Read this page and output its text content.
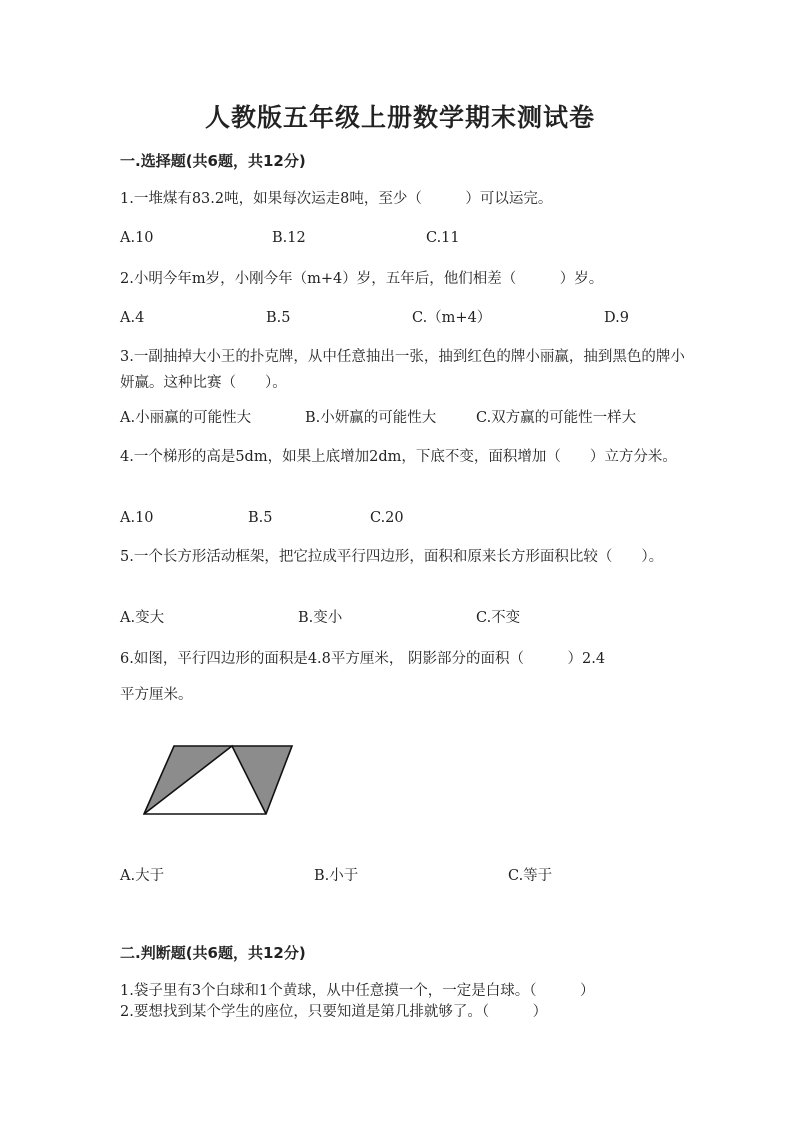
人教版五年级上册数学期末测试卷
一.选择题(共6题，共12分)
1.一堆煤有83.2吨，如果每次运走8吨，至少（　　　）可以运完。
A.10	B.12	C.11
2.小明今年m岁，小刚今年（m+4）岁，五年后，他们相差（　　　）岁。
A.4	B.5	C.（m+4）	D.9
3.一副抽掉大小王的扑克牌，从中任意抽出一张，抽到红色的牌小丽赢，抽到黑色的牌小妍赢。这种比赛（　　）。
A.小丽赢的可能性大	B.小妍赢的可能性大	C.双方赢的可能性一样大
4.一个梯形的高是5dm，如果上底增加2dm，下底不变，面积增加（　　）立方分米。
A.10	B.5	C.20
5.一个长方形活动框架，把它拉成平行四边形，面积和原来长方形面积比较（　　）。
A.变大	B.变小	C.不变
6.如图，平行四边形的面积是4.8平方厘米， 阴影部分的面积（　　　）2.4
平方厘米。
A.大于	B.小于	C.等于
二.判断题(共6题，共12分)
1.袋子里有3个白球和1个黄球，从中任意摸一个，一定是白球。（　　　）
2.要想找到某个学生的座位，只要知道是第几排就够了。（　　　）
